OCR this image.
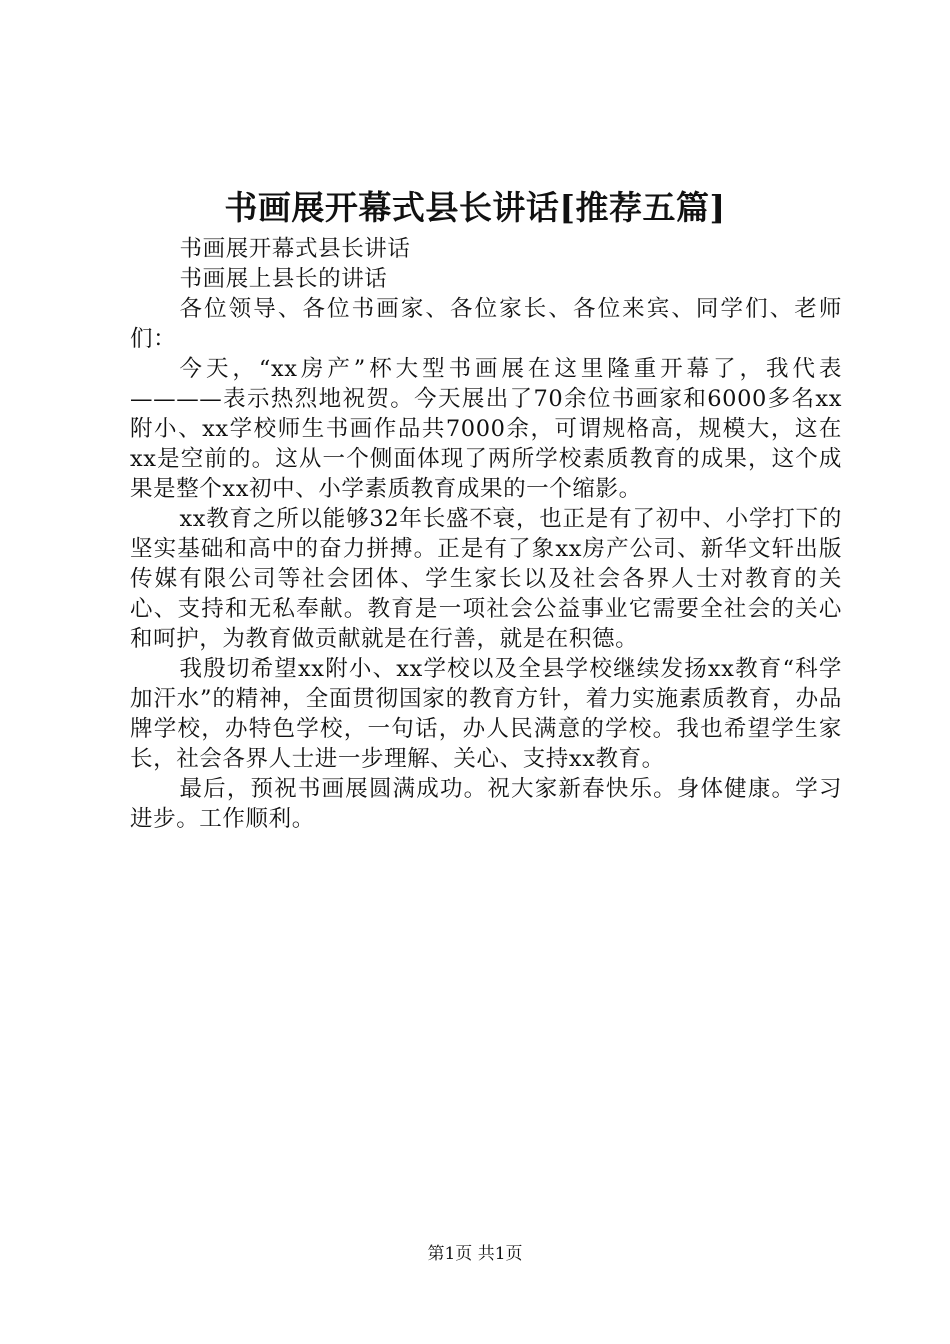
书画展开幕式县长讲话[推荐五篇]

书画展开幕式县长讲话

书画展上县长的讲话

各位领导、各位书画家、各位家长、各位来宾、同学们、老师们：

今天，“xx房产”杯大型书画展在这里隆重开幕了，我代表————表示热烈地祝贺。今天展出了70余位书画家和6000多名xx附小、xx学校师生书画作品共7000余，可谓规格高，规模大，这在xx是空前的。这从一个侧面体现了两所学校素质教育的成果，这个成果是整个xx初中、小学素质教育成果的一个缩影。

xx教育之所以能够32年长盛不衰，也正是有了初中、小学打下的坚实基础和高中的奋力拼搏。正是有了象xx房产公司、新华文轩出版传媒有限公司等社会团体、学生家长以及社会各界人士对教育的关心、支持和无私奉献。教育是一项社会公益事业它需要全社会的关心和呵护，为教育做贡献就是在行善，就是在积德。

我殷切希望xx附小、xx学校以及全县学校继续发扬xx教育“科学加汗水”的精神，全面贯彻国家的教育方针，着力实施素质教育，办品牌学校，办特色学校，一句话，办人民满意的学校。我也希望学生家长，社会各界人士进一步理解、关心、支持xx教育。

最后，预祝书画展圆满成功。祝大家新春快乐。身体健康。学习进步。工作顺利。

第1页 共1页
